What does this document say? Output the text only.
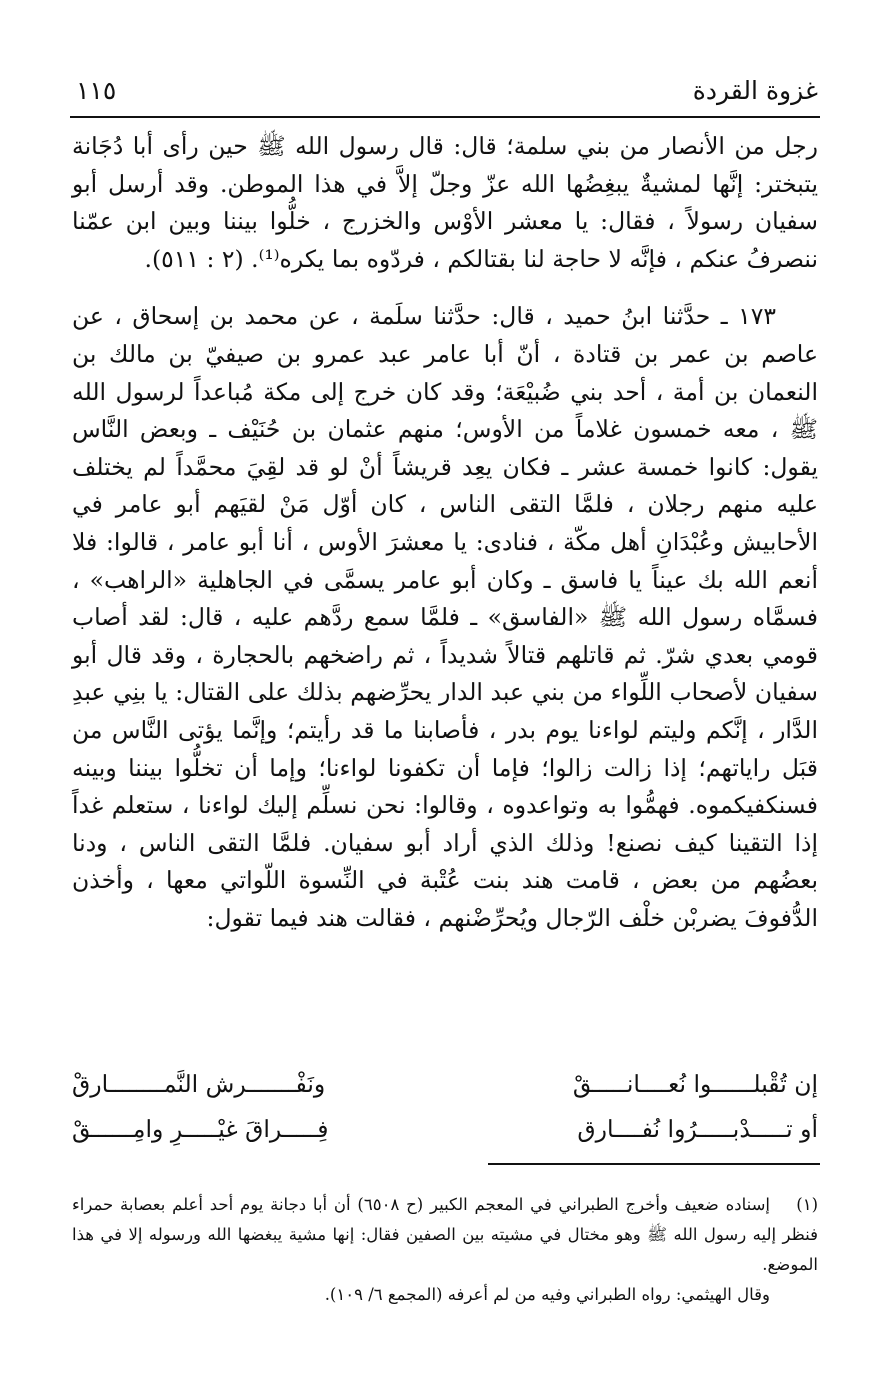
غزوة القردة
١١٥

رجل من الأنصار من بني سلمة؛ قال: قال رسول الله ﷺ حين رأى أبا دُجَانة يتبختر: إنَّها لمشيةٌ يبغِضُها الله عزّ وجلّ إلاَّ في هذا الموطن. وقد أرسل أبو سفيان رسولاً ، فقال: يا معشر الأوْس والخزرج ، خلُّوا بيننا وبين ابن عمّنا ننصرفُ عنكم ، فإنَّه لا حاجة لنا بقتالكم ، فردّوه بما يكره⁽¹⁾. (٢ : ٥١١).

١٧٣ ـ حدَّثنا ابنُ حميد ، قال: حدَّثنا سلَمة ، عن محمد بن إسحاق ، عن عاصم بن عمر بن قتادة ، أنّ أبا عامر عبد عمرو بن صيفيّ بن مالك بن النعمان بن أمة ، أحد بني ضُبيْعَة؛ وقد كان خرج إلى مكة مُباعداً لرسول الله ﷺ ، معه خمسون غلاماً من الأوس؛ منهم عثمان بن حُنَيْف ـ وبعض النَّاس يقول: كانوا خمسة عشر ـ فكان يعِد قريشاً أنْ لو قد لقِيَ محمَّداً لم يختلف عليه منهم رجلان ، فلمَّا التقى الناس ، كان أوّل مَنْ لقيَهم أبو عامر في الأحابيش وعُبْدَانِ أهل مكّة ، فنادى: يا معشرَ الأوس ، أنا أبو عامر ، قالوا: فلا أنعم الله بك عيناً يا فاسق ـ وكان أبو عامر يسمَّى في الجاهلية «الراهب» ، فسمَّاه رسول الله ﷺ «الفاسق» ـ فلمَّا سمع ردَّهم عليه ، قال: لقد أصاب قومي بعدي شرّ. ثم قاتلهم قتالاً شديداً ، ثم راضخهم بالحجارة ، وقد قال أبو سفيان لأصحاب اللِّواء من بني عبد الدار يحرِّضهم بذلك على القتال: يا بنِي عبدِ الدَّار ، إنَّكم وليتم لواءنا يوم بدر ، فأصابنا ما قد رأيتم؛ وإنَّما يؤتى النَّاس من قبَل راياتهم؛ إذا زالت زالوا؛ فإما أن تكفونا لواءنا؛ وإما أن تخلُّوا بيننا وبينه فسنكفيكموه. فهمُّوا به وتواعدوه ، وقالوا: نحن نسلِّم إليك لواءنا ، ستعلم غداً إذا التقينا كيف نصنع! وذلك الذي أراد أبو سفيان. فلمَّا التقى الناس ، ودنا بعضُهم من بعض ، قامت هند بنت عُتْبة في النِّسوة اللّواتي معها ، وأخذن الدُّفوفَ يضربْن خلْف الرّجال ويُحرِّضْنهم ، فقالت هند فيما تقول:

إن تُقْبلــــــوا نُعــــانـــــقْ
ونَفْـــــــرش النَّمــــــــارقْ
أو تـــــدْبـــــرُوا نُفــــارق
فِـــــراقَ غيْـــــرِ وامِــــــقْ

(١)إسناده ضعيف وأخرج الطبراني في المعجم الكبير (ح ٦٥٠٨) أن أبا دجانة يوم أحد أعلم بعصابة حمراء فنظر إليه رسول الله ﷺ وهو مختال في مشيته بين الصفين فقال: إنها مشية يبغضها الله ورسوله إلا في هذا الموضع.

وقال الهيثمي: رواه الطبراني وفيه من لم أعرفه (المجمع ٦/ ١٠٩).
